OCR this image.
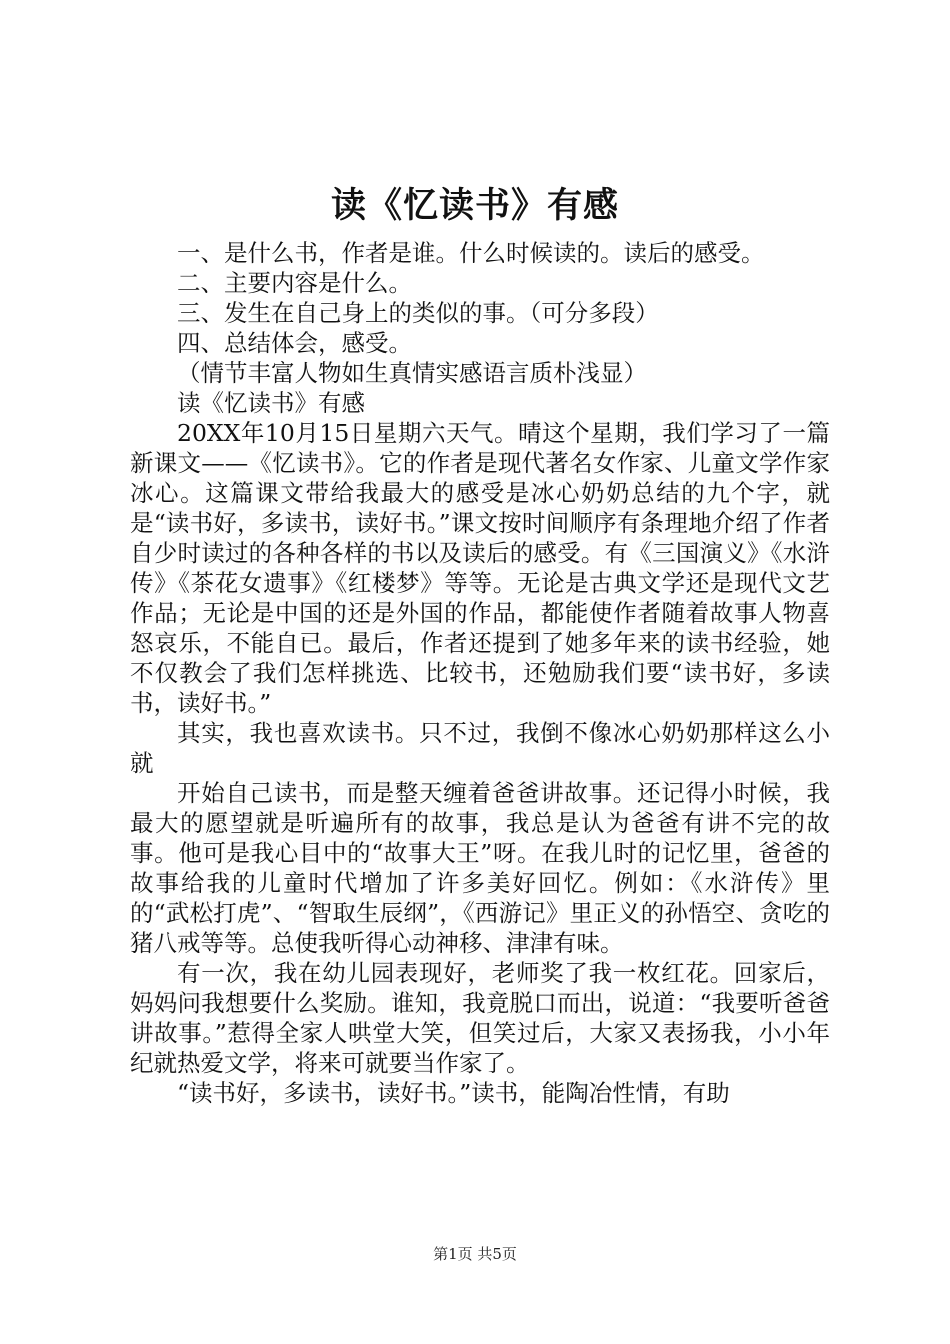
读《忆读书》有感

一、是什么书，作者是谁。什么时候读的。读后的感受。

二、主要内容是什么。

三、发生在自己身上的类似的事。（可分多段）

四、总结体会，感受。

（情节丰富人物如生真情实感语言质朴浅显）

读《忆读书》有感

20XX年10月15日星期六天气。晴这个星期，我们学习了一篇新课文——《忆读书》。它的作者是现代著名女作家、儿童文学作家冰心。这篇课文带给我最大的感受是冰心奶奶总结的九个字，就是“读书好，多读书，读好书。”课文按时间顺序有条理地介绍了作者自少时读过的各种各样的书以及读后的感受。有《三国演义》《水浒传》《茶花女遗事》《红楼梦》等等。无论是古典文学还是现代文艺作品；无论是中国的还是外国的作品，都能使作者随着故事人物喜怒哀乐，不能自已。最后，作者还提到了她多年来的读书经验，她不仅教会了我们怎样挑选、比较书，还勉励我们要“读书好，多读书，读好书。”

其实，我也喜欢读书。只不过，我倒不像冰心奶奶那样这么小就

开始自己读书，而是整天缠着爸爸讲故事。还记得小时候，我最大的愿望就是听遍所有的故事，我总是认为爸爸有讲不完的故事。他可是我心目中的“故事大王”呀。在我儿时的记忆里，爸爸的故事给我的儿童时代增加了许多美好回忆。例如：《水浒传》里的“武松打虎”、“智取生辰纲”，《西游记》里正义的孙悟空、贪吃的猪八戒等等。总使我听得心动神移、津津有味。

有一次，我在幼儿园表现好，老师奖了我一枚红花。回家后，妈妈问我想要什么奖励。谁知，我竟脱口而出，说道：“我要听爸爸讲故事。”惹得全家人哄堂大笑，但笑过后，大家又表扬我，小小年纪就热爱文学，将来可就要当作家了。

“读书好，多读书，读好书。”读书，能陶冶性情，有助

第1页 共5页
